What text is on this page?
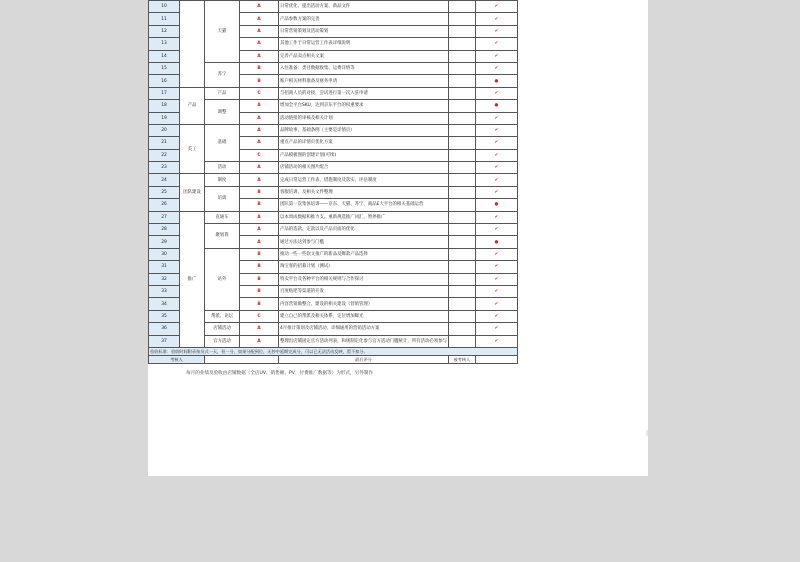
10		天猫	A	日常优化、提出活动方案、新品文件		✔
11			A	产品参数方案的完善		✔
12			A	日常营销策划及活动策划		✔
13			A	其他工作于日常运营工作表详细说明		✔
14			A	完善产品卖点相关文案		✔
15		苏宁	B	入住准备：类目数据收集、运费详情等		✔
16			B	账户相关材料准备及财务申请		●
17	产品	产品	C	与招商人员的对接，尝试进行第一次入驻申请		✔
18		调整	A	增加全平台SKU，达到京东平台的权重要求		●
19			A	活动链接的审核及相关计划		✔
20	美工	基础	A	品牌故事，基础条例（主要是详情页）		✔
21			A	重点产品的详情页优化方案		✔
22			C	产品模板图的创建计划(可续)		✔
23		活动	A	店铺活动的相关图片配合		✔
24	团队建设	制度	A	完成日常运营工作表、措施制度及落实、评估制度		✔
25		培训	B	客服培训、及相关文件整理		✔
26			B	团队第一次集体培训——京东、天猫、苏宁，商品E大平台的相关基础运营		●
27	推广	直通车	A	以本周成数据和推力支，重新规选推广词汇，暂停推广		✔
28		聚划算	A	产品的选款、定款以及产品页面的优化		✔
29			A	通过方法达到参与门槛		●
30		站外	B	推动一些一些软文推广的新品及爆款产品选择		✔
31			B	淘宝客的招募计划（测试）		✔
32			B	特卖平台及各种平台的相关规则与合作探讨		✔
33			B	百度贴吧等渠道的开发		✔
34			B	内容营销做整合，建设的相关建设（营销管理）		✔
35		帮派、论坛	C	建立自己的帮派及相关体系，定位增加曝光		✔
36		店铺活动	A	4月推计策划及店铺活动，详细通用的营销活动方案		✔
37		官方活动	A	整理出店铺固定官方活动列表，和规制定化参与官方活动门槛统计，所有活动必须参与		✔
验收标准：验收时间附录按员式一天，但一分，如果分配到位，无抄中延期完成分，可以已无法活动反映，暂不扣分。						
考核人				最后评分	被考核人	
每月的业绩及验收由店铺数据（全店UV、销售额、PV、付费推广数据等）为形式，另外制作
